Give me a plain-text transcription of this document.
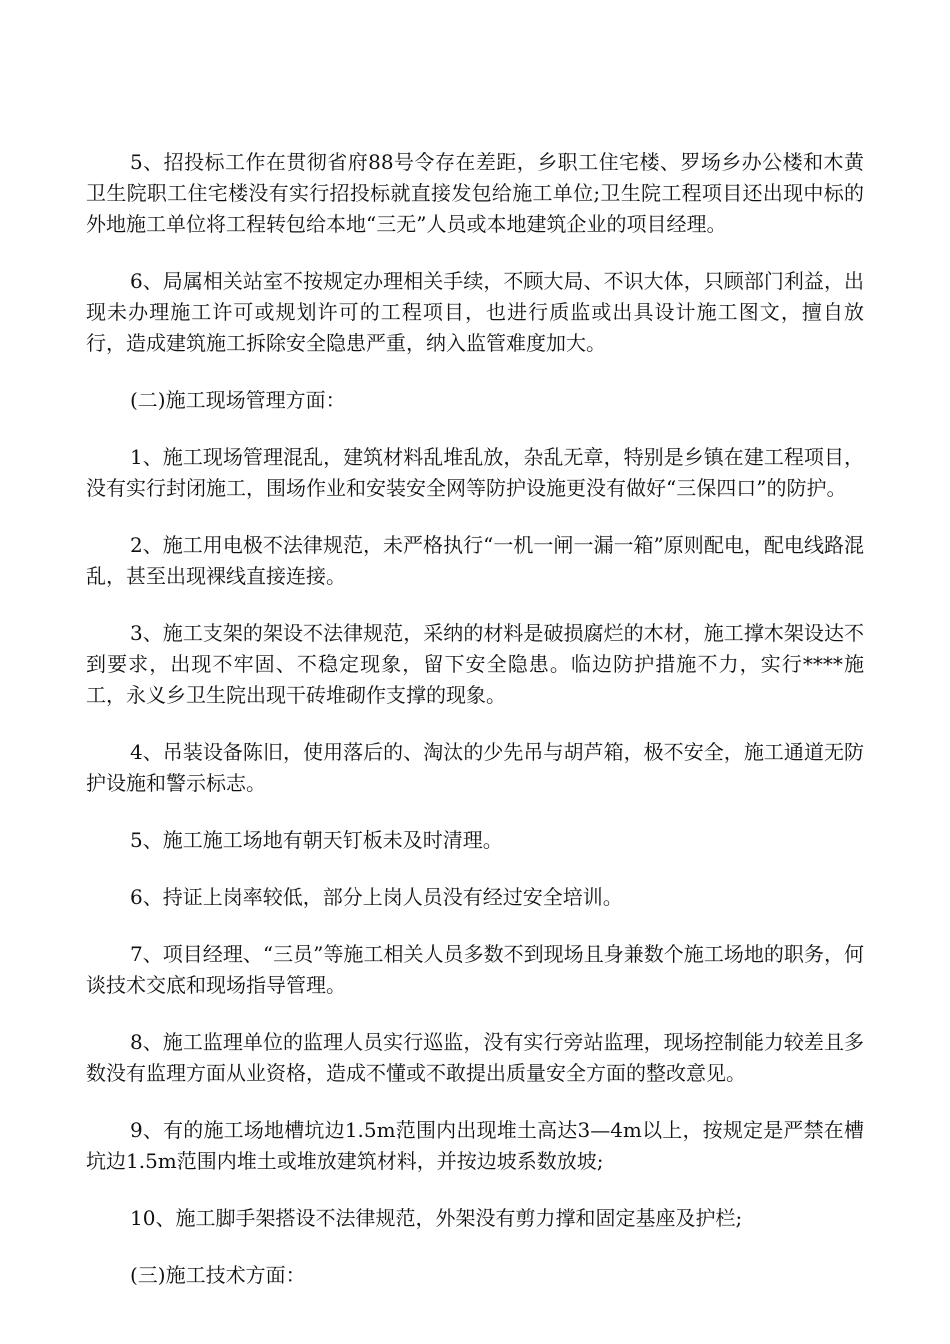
5、招投标工作在贯彻省府88号令存在差距，乡职工住宅楼、罗场乡办公楼和木黄卫生院职工住宅楼没有实行招投标就直接发包给施工单位;卫生院工程项目还出现中标的外地施工单位将工程转包给本地“三无”人员或本地建筑企业的项目经理。

6、局属相关站室不按规定办理相关手续，不顾大局、不识大体，只顾部门利益，出现未办理施工许可或规划许可的工程项目，也进行质监或出具设计施工图文，擅自放行，造成建筑施工拆除安全隐患严重，纳入监管难度加大。

(二)施工现场管理方面：

1、施工现场管理混乱，建筑材料乱堆乱放，杂乱无章，特别是乡镇在建工程项目，没有实行封闭施工，围场作业和安装安全网等防护设施更没有做好“三保四口”的防护。

2、施工用电极不法律规范，未严格执行“一机一闸一漏一箱”原则配电，配电线路混乱，甚至出现裸线直接连接。

3、施工支架的架设不法律规范，采纳的材料是破损腐烂的木材，施工撑木架设达不到要求，出现不牢固、不稳定现象，留下安全隐患。临边防护措施不力，实行****施工，永义乡卫生院出现干砖堆砌作支撑的现象。

4、吊装设备陈旧，使用落后的、淘汰的少先吊与胡芦箱，极不安全，施工通道无防护设施和警示标志。

5、施工施工场地有朝天钉板未及时清理。

6、持证上岗率较低，部分上岗人员没有经过安全培训。

7、项目经理、“三员”等施工相关人员多数不到现场且身兼数个施工场地的职务，何谈技术交底和现场指导管理。

8、施工监理单位的监理人员实行巡监，没有实行旁站监理，现场控制能力较差且多数没有监理方面从业资格，造成不懂或不敢提出质量安全方面的整改意见。

9、有的施工场地槽坑边1.5m范围内出现堆土高达3—4m以上，按规定是严禁在槽坑边1.5m范围内堆土或堆放建筑材料，并按边坡系数放坡;

10、施工脚手架搭设不法律规范，外架没有剪力撑和固定基座及护栏;

(三)施工技术方面：
